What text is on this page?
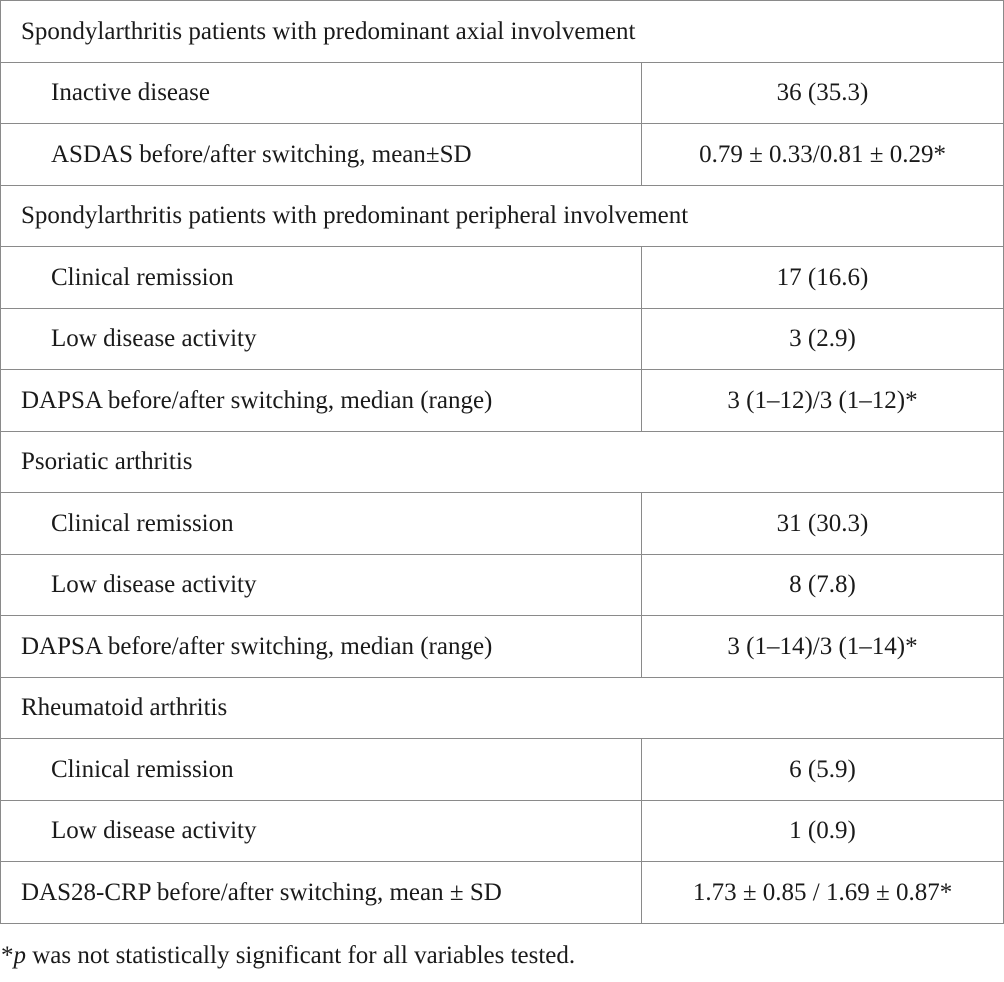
Spondylarthritis patients with predominant axial involvement	
Inactive disease	36 (35.3)
ASDAS before/after switching, mean±SD	0.79 ± 0.33/0.81 ± 0.29*
Spondylarthritis patients with predominant peripheral involvement	
Clinical remission	17 (16.6)
Low disease activity	3 (2.9)
DAPSA before/after switching, median (range)	3 (1–12)/3 (1–12)*
Psoriatic arthritis	
Clinical remission	31 (30.3)
Low disease activity	8 (7.8)
DAPSA before/after switching, median (range)	3 (1–14)/3 (1–14)*
Rheumatoid arthritis	
Clinical remission	6 (5.9)
Low disease activity	1 (0.9)
DAS28-CRP before/after switching, mean ± SD	1.73 ± 0.85 / 1.69 ± 0.87*
*p was not statistically significant for all variables tested.
